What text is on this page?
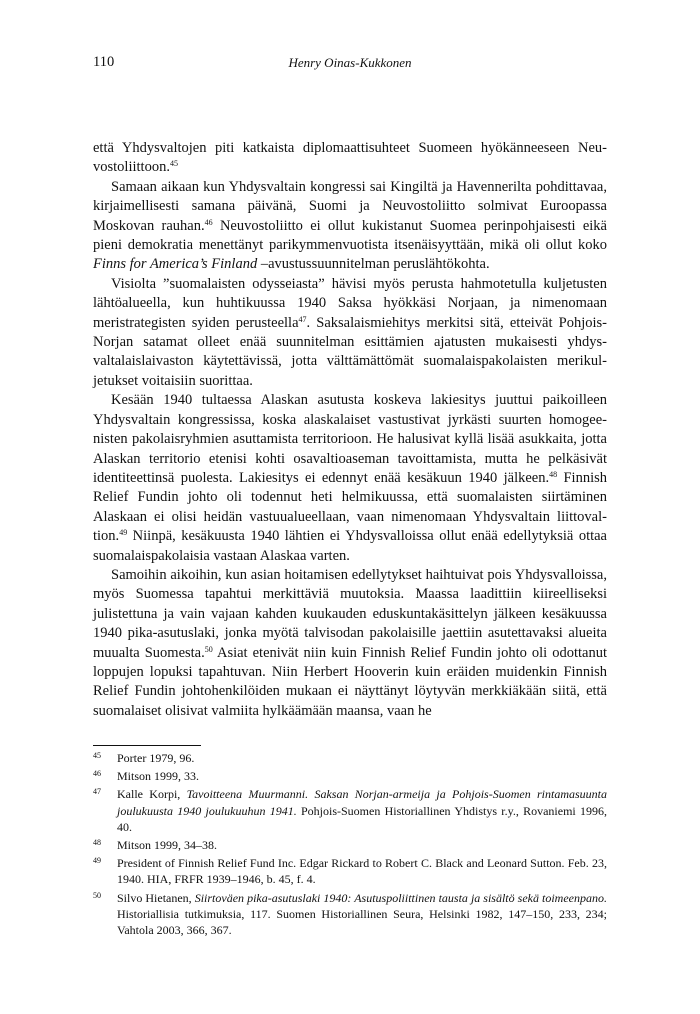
110	Henry Oinas-Kukkonen

että Yhdysvaltojen piti katkaista diplomaattisuhteet Suomeen hyökänneeseen Neuvostoliittoon.$^{45}$

Samaan aikaan kun Yhdysvaltain kongressi sai Kingiltä ja Havennerilta pohdittavaa, kirjaimellisesti samana päivänä, Suomi ja Neuvostoliitto solmivat Euroopassa Moskovan rauhan.$^{46}$ Neuvostoliitto ei ollut kukistanut Suomea perinpohjaisesti eikä pieni demokratia menettänyt parikymmenvuotista itsenäisyyttään, mikä oli ollut koko Finns for America’s Finland –avustussuunnitelman peruslähtökohta.

Visiolta ”suomalaisten odysseiasta” hävisi myös perusta hahmotetulla kuljetusten lähtöalueella, kun huhtikuussa 1940 Saksa hyökkäsi Norjaan, ja nimenomaan meristrategisten syiden perusteella$^{47}$. Saksalaismiehitys merkitsi sitä, etteivät Pohjois-Norjan satamat olleet enää suunnitelman esittämien ajatusten mukaisesti yhdysvaltalaislaivaston käytettävissä, jotta välttämättömät suomalaispakolaisten merikuljetukset voitaisiin suorittaa.

Kesään 1940 tultaessa Alaskan asutusta koskeva lakiesitys juuttui paikoilleen Yhdysvaltain kongressissa, koska alaskalaiset vastustivat jyrkästi suurten homogeenisten pakolaisryhmien asuttamista territorioon. He halusivat kyllä lisää asukkaita, jotta Alaskan territorio etenisi kohti osavaltioaseman tavoittamista, mutta he pelkäsivät identiteettinsä puolesta. Lakiesitys ei edennyt enää kesäkuun 1940 jälkeen.$^{48}$ Finnish Relief Fundin johto oli todennut heti helmikuussa, että suomalaisten siirtäminen Alaskaan ei olisi heidän vastuualueellaan, vaan nimenomaan Yhdysvaltain liittovaltion.$^{49}$ Niinpä, kesäkuusta 1940 lähtien ei Yhdysvalloissa ollut enää edellytyksiä ottaa suomalaispakolaisia vastaan Alaskaa varten.

Samoihin aikoihin, kun asian hoitamisen edellytykset haihtuivat pois Yhdysvalloissa, myös Suomessa tapahtui merkittäviä muutoksia. Maassa laadittiin kiireelliseksi julistettuna ja vain vajaan kahden kuukauden eduskuntakäsittelyn jälkeen kesäkuussa 1940 pika-asutuslaki, jonka myötä talvisodan pakolaisille jaettiin asutettavaksi alueita muualta Suomesta.$^{50}$ Asiat etenivät niin kuin Finnish Relief Fundin johto oli odottanut loppujen lopuksi tapahtuvan. Niin Herbert Hooverin kuin eräiden muidenkin Finnish Relief Fundin johtohenkilöiden mukaan ei näyttänyt löytyvän merkkiäkään siitä, että suomalaiset olisivat valmiita hylkäämään maansa, vaan he

45 Porter 1979, 96.
46 Mitson 1999, 33.
47 Kalle Korpi, Tavoitteena Muurmanni. Saksan Norjan-armeija ja Pohjois-Suomen rintamasuunta joulukuusta 1940 joulukuuhun 1941. Pohjois-Suomen Historiallinen Yhdistys r.y., Rovaniemi 1996, 40.
48 Mitson 1999, 34–38.
49 President of Finnish Relief Fund Inc. Edgar Rickard to Robert C. Black and Leonard Sutton. Feb. 23, 1940. HIA, FRFR 1939–1946, b. 45, f. 4.
50 Silvo Hietanen, Siirtoväen pika-asutuslaki 1940: Asutuspoliittinen tausta ja sisältö sekä toimeenpano. Historiallisia tutkimuksia, 117. Suomen Historiallinen Seura, Helsinki 1982, 147–150, 233, 234; Vahtola 2003, 366, 367.
